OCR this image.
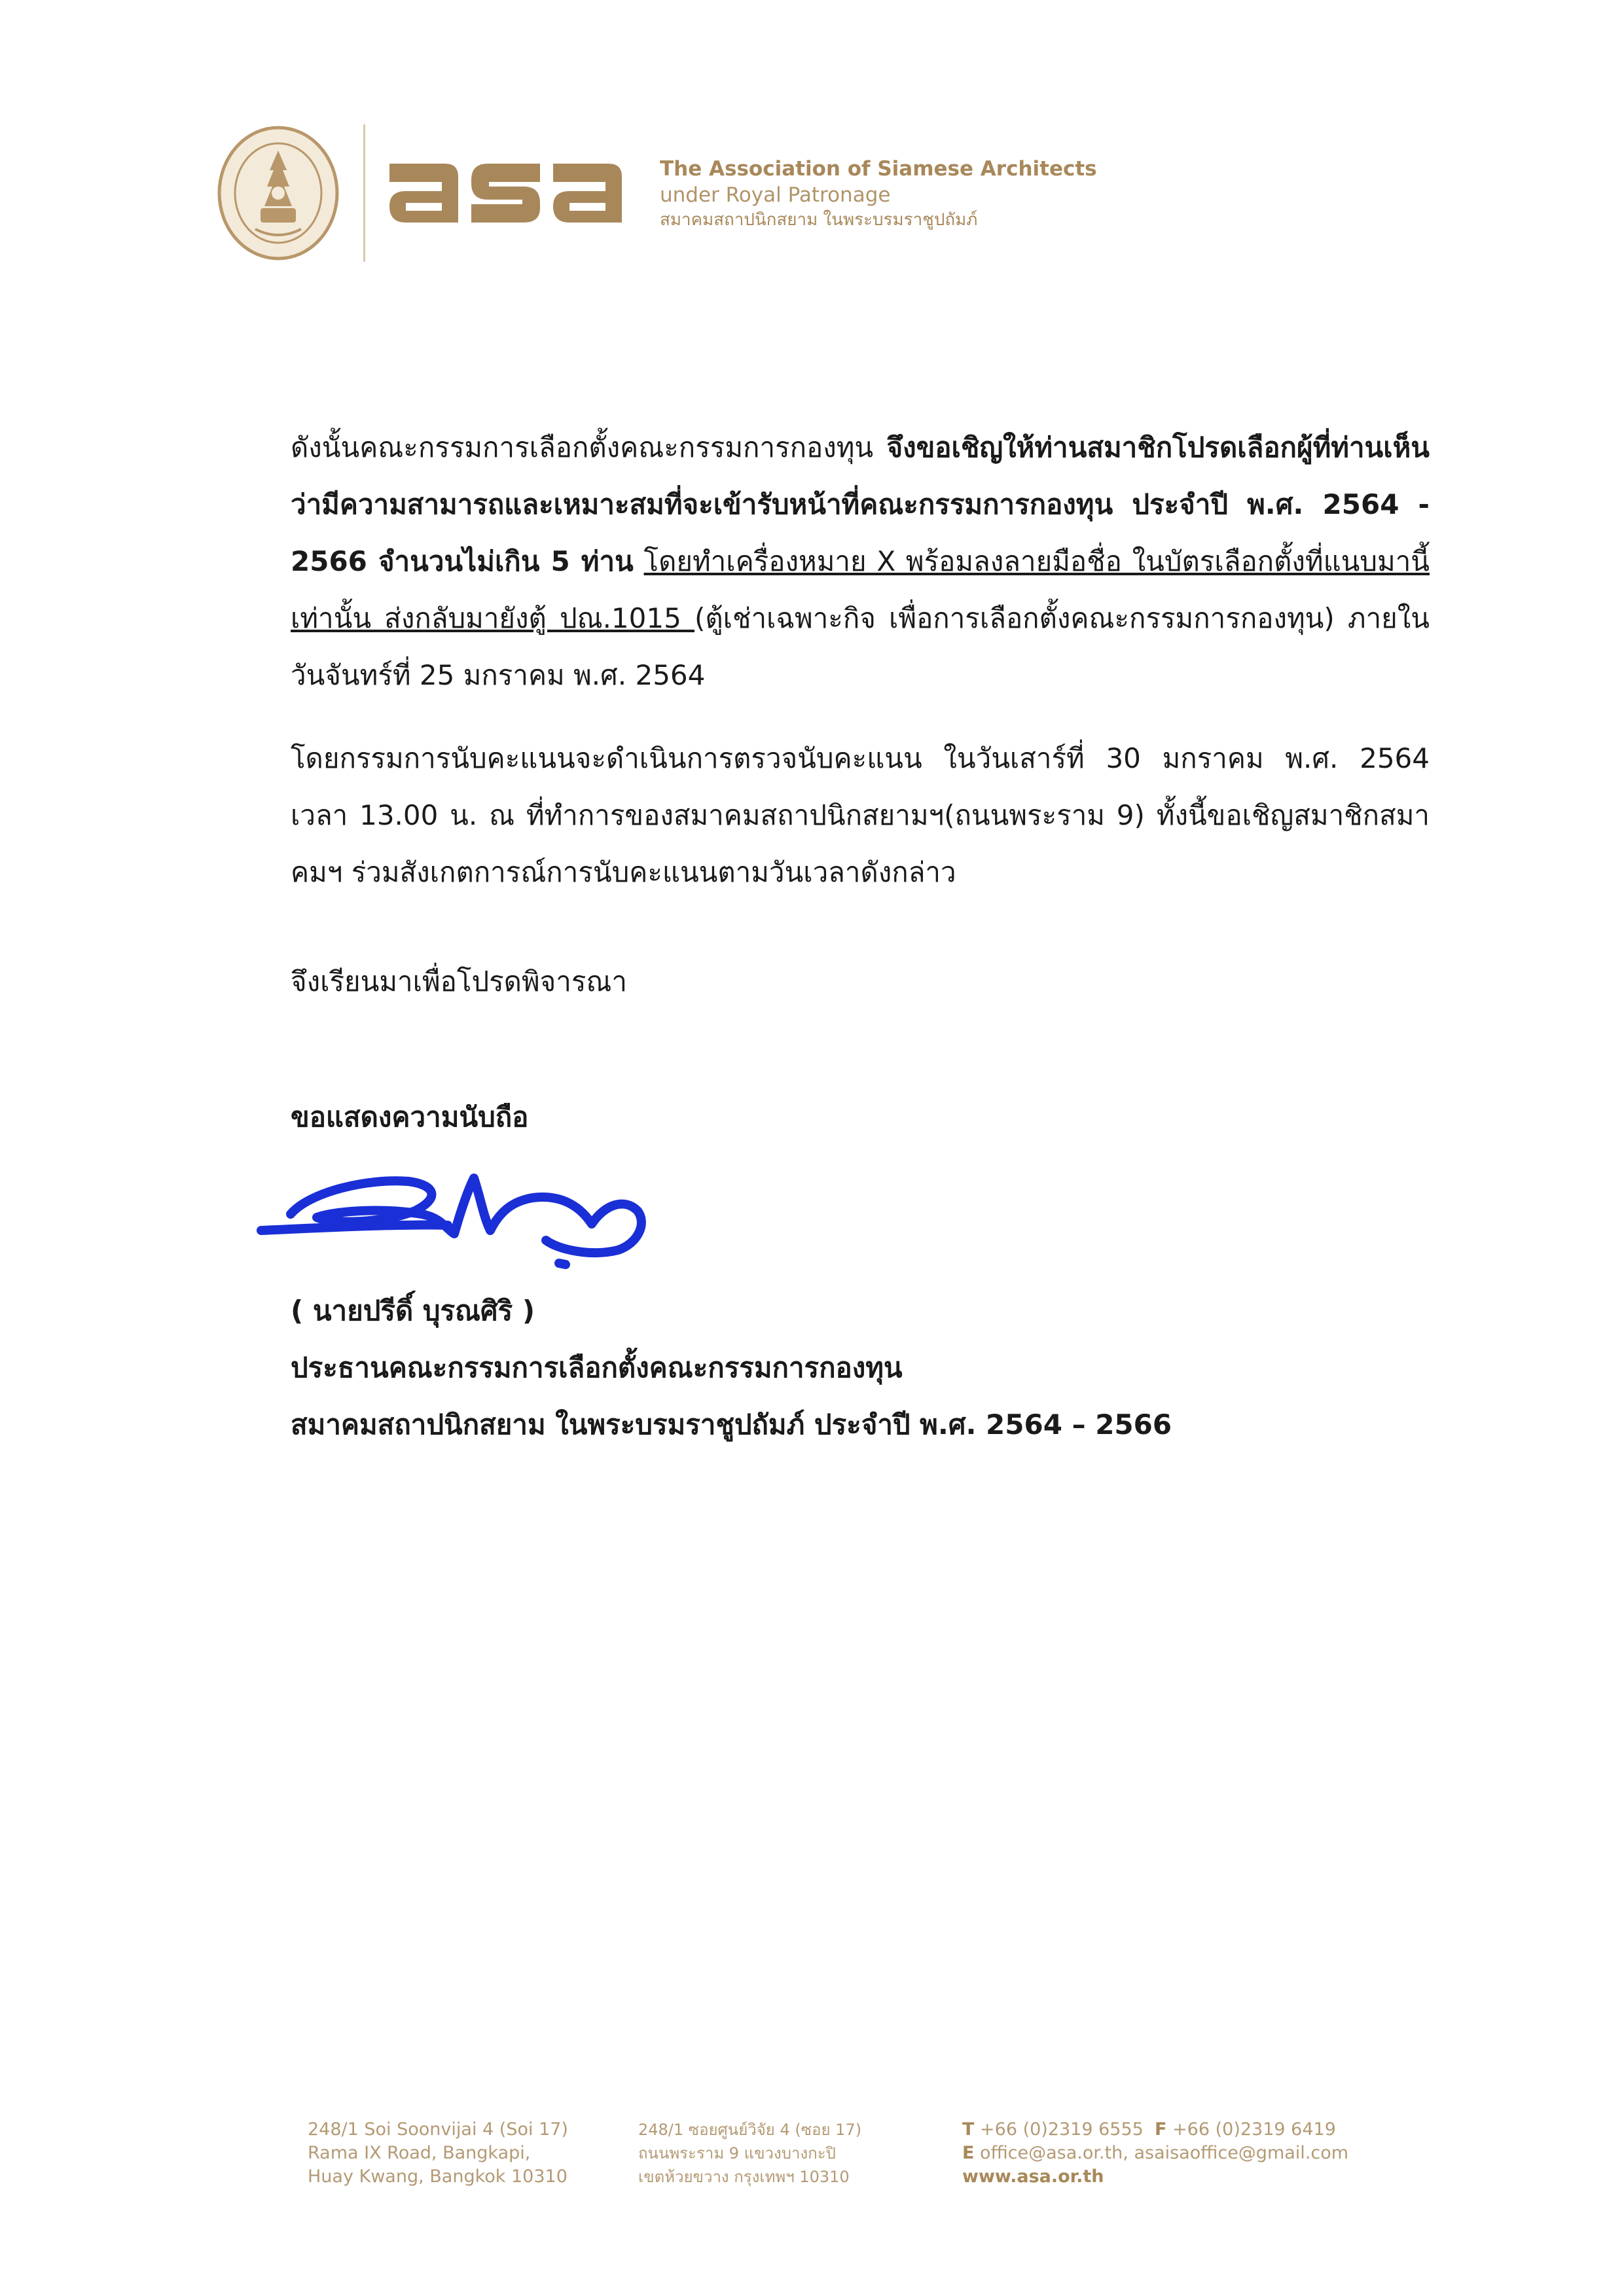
The Association of Siamese Architects
under Royal Patronage
สมาคมสถาปนิกสยาม ในพระบรมราชูปถัมภ์

ดังนั้นคณะกรรมการเลือกตั้งคณะกรรมการกองทุน จึงขอเชิญให้ท่านสมาชิกโปรดเลือกผู้ที่ท่านเห็นว่ามีความสามารถและเหมาะสมที่จะเข้ารับหน้าที่คณะกรรมการกองทุน ประจำปี พ.ศ. 2564 - 2566 จำนวนไม่เกิน 5 ท่าน โดยทำเครื่องหมาย X พร้อมลงลายมือชื่อ ในบัตรเลือกตั้งที่แนบมานี้เท่านั้น ส่งกลับมายังตู้ ปณ.1015 (ตู้เช่าเฉพาะกิจ เพื่อการเลือกตั้งคณะกรรมการกองทุน) ภายในวันจันทร์ที่ 25 มกราคม พ.ศ. 2564

โดยกรรมการนับคะแนนจะดำเนินการตรวจนับคะแนน ในวันเสาร์ที่ 30 มกราคม พ.ศ. 2564 เวลา 13.00 น. ณ ที่ทำการของสมาคมสถาปนิกสยามฯ(ถนนพระราม 9) ทั้งนี้ขอเชิญสมาชิกสมาคมฯ ร่วมสังเกตการณ์การนับคะแนนตามวันเวลาดังกล่าว

จึงเรียนมาเพื่อโปรดพิจารณา
ขอแสดงความนับถือ
( นายปรีดิ์ บุรณศิริ )
ประธานคณะกรรมการเลือกตั้งคณะกรรมการกองทุน
สมาคมสถาปนิกสยาม ในพระบรมราชูปถัมภ์ ประจำปี พ.ศ. 2564 – 2566
248/1 Soi Soonvijai 4 (Soi 17)
Rama IX Road, Bangkapi,
Huay Kwang, Bangkok 10310
248/1 ซอยศูนย์วิจัย 4 (ซอย 17)
ถนนพระราม 9 แขวงบางกะปิ
เขตห้วยขวาง กรุงเทพฯ 10310
T +66 (0)2319 6555 F +66 (0)2319 6419
E office@asa.or.th, asaisaoffice@gmail.com
www.asa.or.th
